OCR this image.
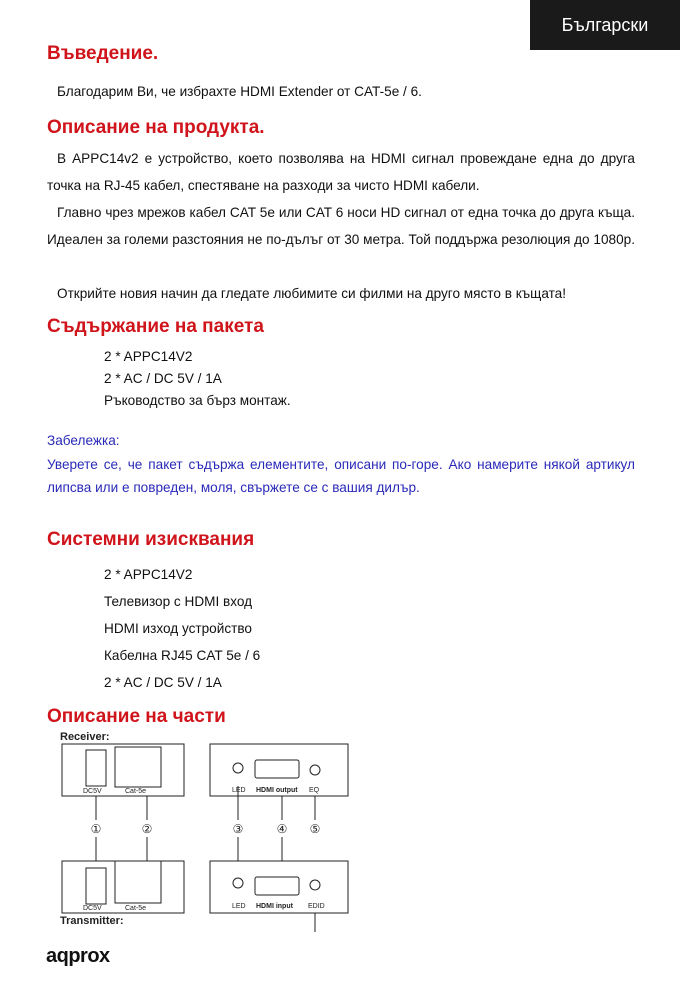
Български
Въведение.
Благодарим Ви, че избрахте HDMI Extender от CAT-5e / 6.
Описание на продукта.
В APPC14v2 е устройство, което позволява на HDMI сигнал провеждане една до друга точка на RJ-45 кабел, спестяване на разходи за чисто HDMI кабели.
Главно чрез мрежов кабел CAT 5e или CAT 6 носи HD сигнал от една точка до друга къща. Идеален за големи разстояния не по-дълъг от 30 метра. Той поддържа резолюция до 1080p.
Открийте новия начин да гледате любимите си филми на друго място в къщата!
Съдържание на пакета
2 * APPC14V2
2 * AC / DC 5V / 1A
Ръководство за бърз монтаж.
Забележка:
Уверете се, че пакет съдържа елементите, описани по-горе. Ако намерите някой артикул липсва или е повреден, моля, свържете се с вашия дилър.
Системни изисквания
2 * APPC14V2
Телевизор с HDMI вход
HDMI изход устройство
Кабелна RJ45 CAT 5e / 6
2 * AC / DC 5V / 1A
Описание на части
Receiver:
Transmitter:
DC5V	Cat-5e	LED HDMI output EQ
DC5V	Cat-5e	LED HDMI input EDID
①	②	③	④ ⑤
aqprox
